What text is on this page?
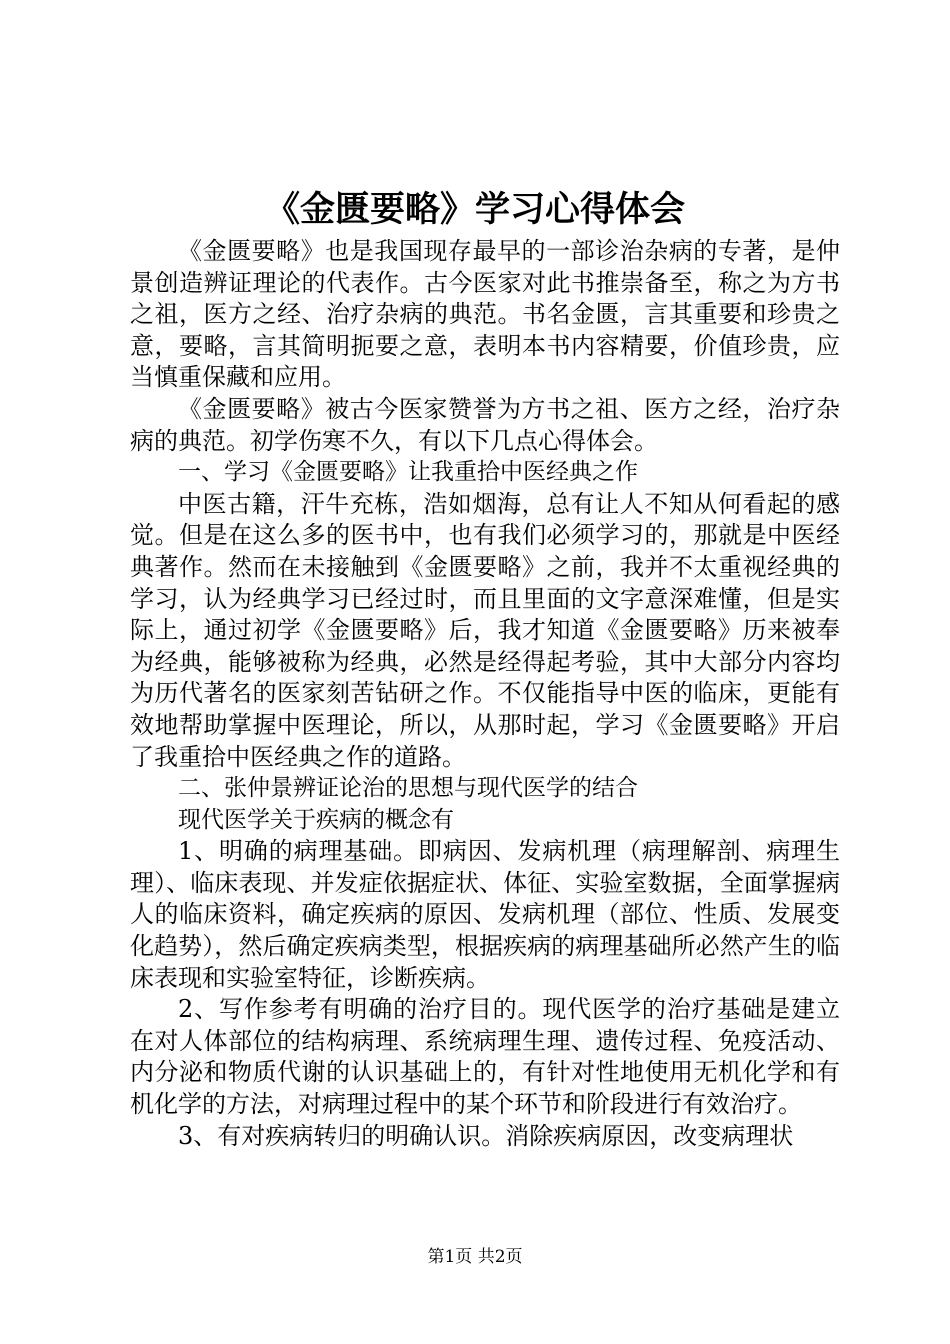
《金匮要略》学习心得体会

《金匮要略》也是我国现存最早的一部诊治杂病的专著，是仲景创造辨证理论的代表作。古今医家对此书推崇备至，称之为方书之祖，医方之经、治疗杂病的典范。书名金匮，言其重要和珍贵之意，要略，言其简明扼要之意，表明本书内容精要，价值珍贵，应当慎重保藏和应用。

《金匮要略》被古今医家赞誉为方书之祖、医方之经，治疗杂病的典范。初学伤寒不久，有以下几点心得体会。

一、学习《金匮要略》让我重拾中医经典之作

中医古籍，汗牛充栋，浩如烟海，总有让人不知从何看起的感觉。但是在这么多的医书中，也有我们必须学习的，那就是中医经典著作。然而在未接触到《金匮要略》之前，我并不太重视经典的学习，认为经典学习已经过时，而且里面的文字意深难懂，但是实际上，通过初学《金匮要略》后，我才知道《金匮要略》历来被奉为经典，能够被称为经典，必然是经得起考验，其中大部分内容均为历代著名的医家刻苦钻研之作。不仅能指导中医的临床，更能有效地帮助掌握中医理论，所以，从那时起，学习《金匮要略》开启了我重拾中医经典之作的道路。

二、张仲景辨证论治的思想与现代医学的结合

现代医学关于疾病的概念有

1、明确的病理基础。即病因、发病机理（病理解剖、病理生理）、临床表现、并发症依据症状、体征、实验室数据，全面掌握病人的临床资料，确定疾病的原因、发病机理（部位、性质、发展变化趋势），然后确定疾病类型，根据疾病的病理基础所必然产生的临床表现和实验室特征，诊断疾病。

2、写作参考有明确的治疗目的。现代医学的治疗基础是建立在对人体部位的结构病理、系统病理生理、遗传过程、免疫活动、内分泌和物质代谢的认识基础上的，有针对性地使用无机化学和有机化学的方法，对病理过程中的某个环节和阶段进行有效治疗。

3、有对疾病转归的明确认识。消除疾病原因，改变病理状

第1页 共2页
